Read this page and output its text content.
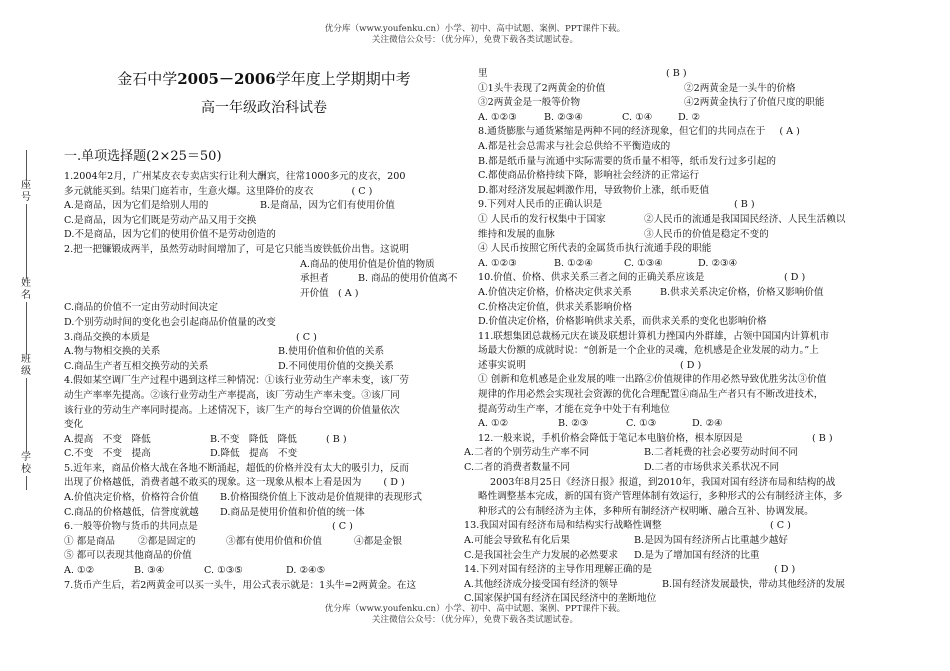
优分库（www.youfenku.cn）小学、初中、高中试题、案例、PPT课件下载。
关注微信公众号：（优分库），免费下载各类试题试卷。
座号
姓名
班级
学校

金石中学2005－2006学年度上学期期中考

高一年级政治科试卷

一.单项选择题(2×25＝50)

1.2004年2月，广州某皮衣专卖店实行让利大酬宾，往常1000多元的皮衣，200

多元就能买到。结果门庭若市，生意火爆。这里降价的皮衣	( C )

A.是商品，因为它们是给别人用的	B.是商品，因为它们有使用价值

C.是商品，因为它们既是劳动产品又用于交换

D.不是商品，因为它们的使用价值不是劳动创造的

2.把一把镰锻成两半，虽然劳动时间增加了，可是它只能当废铁低价出售。这说明

A.商品的使用价值是价值的物质

承担者	B. 商品的使用价值离不
开价值 ( A )

C.商品的价值不一定由劳动时间决定

D.个别劳动时间的变化也会引起商品价值量的改变

3.商品交换的本质是	( C )
A.物与物相交换的关系	B.使用价值和价值的关系
C.商品生产者互相交换劳动的关系	D.不同使用价值的交换关系

4.假如某空调厂生产过程中遇到这样三种情况：①该行业劳动生产率未变，该厂劳

动生产率率先提高。②该行业劳动生产率提高，该厂劳动生产率未变。③该厂同

该行业的劳动生产率同时提高。上述情况下，该厂生产的每台空调的价值量依次

变化

A.提高　不变　降低	B.不变　降低　降低	( B )
C.不变　不变　提高	D.降低　提高　不变

5.近年来，商品价格大战在各地不断涌起，超低的价格并没有太大的吸引力，反而

出现了价格越低，消费者越不敢买的现象。这一现象从根本上看是因为 ( D )

A.价值决定价格，价格符合价值 B.价格围绕价值上下波动是价值规律的表现形式
C.商品的价格越低，信誉度就越 D.商品是使用价值和价值的统一体
6.一般等价物与货币的共同点是	( C )
① 都是商品 ②都是固定的	③都有使用价值和价值	④都是金银

⑤ 都可以表现其他商品的价值

A. ①②	B. ③④	C. ①③⑤	D. ②④⑤

7.货币产生后，若2两黄金可以买一头牛，用公式表示就是：1头牛=2两黄金。在这

里	( B )
①1头牛表现了2两黄金的价值	②2两黄金是一头牛的价格
③2两黄金是一般等价物	④2两黄金执行了价值尺度的职能
A. ①②③	B. ②③④	C. ①④	D. ②

8.通货膨胀与通货紧缩是两种不同的经济现象，但它们的共同点在于 ( A )

A.都是社会总需求与社会总供给不平衡造成的

B.都是纸币量与流通中实际需要的货币量不相等，纸币发行过多引起的

C.都使商品价格持续下降，影响社会经济的正常运行

D.都对经济发展起刺激作用，导致物价上涨，纸币贬值

9.下列对人民币的正确认识是	( B )
① 人民币的发行权集中于国家	②人民币的流通是我国国民经济、人民生活赖以
维持和发展的血脉	③人民币的价值是稳定不变的

④ 人民币按照它所代表的金属货币执行流通手段的职能

A. ①②③	B. ①②④	C. ①③④	D. ②③④
10.价值、价格、供求关系三者之间的正确关系应该是	( D )
A.价值决定价格，价格决定供求关系	B.供求关系决定价格，价格又影响价值

C.价格决定价值，供求关系影响价格

D.价值决定价格，价格影响供求关系，而供求关系的变化也影响价格

11.联想集团总裁杨元庆在谈及联想计算机力挫国内外群雄，占领中国国内计算机市

场最大份额的成就时说：“创新是一个企业的灵魂，危机感是企业发展的动力。”上

述事实说明	( D )

① 创新和危机感是企业发展的唯一出路②价值规律的作用必然导致优胜劣汰③价值

规律的作用必然会实现社会资源的优化合理配置④商品生产者只有不断改进技术，

提高劳动生产率，才能在竞争中处于有利地位

A. ①②	B. ②③	C. ①③	D. ②④
12.一般来说，手机价格会降低于笔记本电脑价格，根本原因是	( B )
A.二者的个别劳动生产率不同	B.二者耗费的社会必要劳动时间不同
C.二者的消费者数量不同	D.二者的市场供求关系状况不同

2003年8月25日《经济日报》报道，到2010年，我国对国有经济布局和结构的战

略性调整基本完成，新的国有资产管理体制有效运行，多种形式的公有制经济主体，多

种形式的公有制经济为主体，多种所有制经济产权明晰、融合互补、协调发展。

13.我国对国有经济布局和结构实行战略性调整	( C )
A.可能会导致私有化后果	B.是因为国有经济所占比重越少越好
C.是我国社会生产力发展的必然要求 D.是为了增加国有经济的比重
14.下列对国有经济的主导作用理解正确的是	( D )
A.其他经济成分接受国有经济的领导	B.国有经济发展最快，带动其他经济的发展
C.国家保护国有经济在国民经济中的垄断地位
优分库（www.youfenku.cn）小学、初中、高中试题、案例、PPT课件下载。
关注微信公众号：（优分库），免费下载各类试题试卷。
